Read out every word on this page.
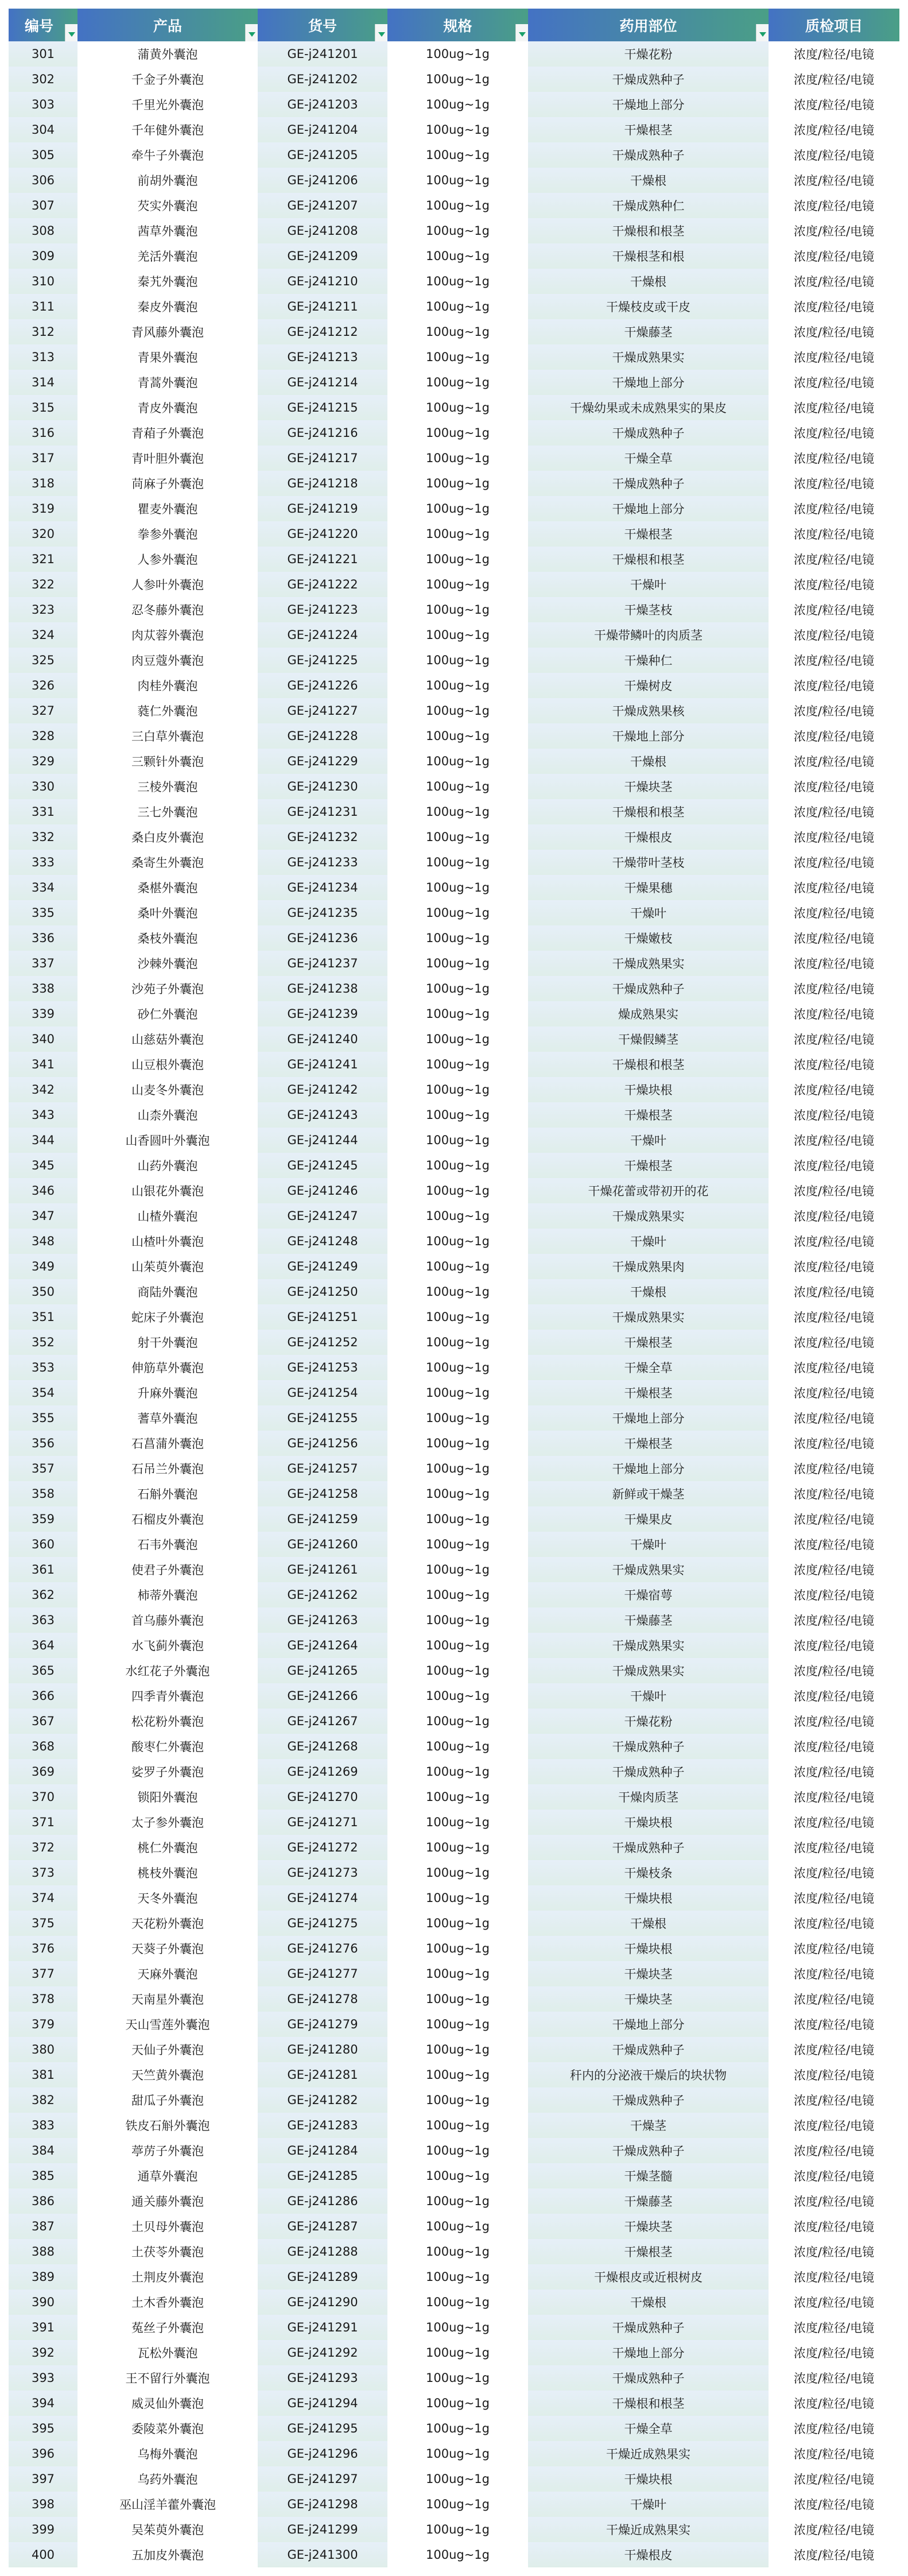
编号	产品	货号	规格	药用部位	质检项目
301	蒲黄外囊泡	GE-j241201	100ug~1g	干燥花粉	浓度/粒径/电镜
302	千金子外囊泡	GE-j241202	100ug~1g	干燥成熟种子	浓度/粒径/电镜
303	千里光外囊泡	GE-j241203	100ug~1g	干燥地上部分	浓度/粒径/电镜
304	千年健外囊泡	GE-j241204	100ug~1g	干燥根茎	浓度/粒径/电镜
305	牵牛子外囊泡	GE-j241205	100ug~1g	干燥成熟种子	浓度/粒径/电镜
306	前胡外囊泡	GE-j241206	100ug~1g	干燥根	浓度/粒径/电镜
307	芡实外囊泡	GE-j241207	100ug~1g	干燥成熟种仁	浓度/粒径/电镜
308	茜草外囊泡	GE-j241208	100ug~1g	干燥根和根茎	浓度/粒径/电镜
309	羌活外囊泡	GE-j241209	100ug~1g	干燥根茎和根	浓度/粒径/电镜
310	秦艽外囊泡	GE-j241210	100ug~1g	干燥根	浓度/粒径/电镜
311	秦皮外囊泡	GE-j241211	100ug~1g	干燥枝皮或干皮	浓度/粒径/电镜
312	青风藤外囊泡	GE-j241212	100ug~1g	干燥藤茎	浓度/粒径/电镜
313	青果外囊泡	GE-j241213	100ug~1g	干燥成熟果实	浓度/粒径/电镜
314	青蒿外囊泡	GE-j241214	100ug~1g	干燥地上部分	浓度/粒径/电镜
315	青皮外囊泡	GE-j241215	100ug~1g	干燥幼果或未成熟果实的果皮	浓度/粒径/电镜
316	青葙子外囊泡	GE-j241216	100ug~1g	干燥成熟种子	浓度/粒径/电镜
317	青叶胆外囊泡	GE-j241217	100ug~1g	干燥全草	浓度/粒径/电镜
318	苘麻子外囊泡	GE-j241218	100ug~1g	干燥成熟种子	浓度/粒径/电镜
319	瞿麦外囊泡	GE-j241219	100ug~1g	干燥地上部分	浓度/粒径/电镜
320	拳参外囊泡	GE-j241220	100ug~1g	干燥根茎	浓度/粒径/电镜
321	人参外囊泡	GE-j241221	100ug~1g	干燥根和根茎	浓度/粒径/电镜
322	人参叶外囊泡	GE-j241222	100ug~1g	干燥叶	浓度/粒径/电镜
323	忍冬藤外囊泡	GE-j241223	100ug~1g	干燥茎枝	浓度/粒径/电镜
324	肉苁蓉外囊泡	GE-j241224	100ug~1g	干燥带鳞叶的肉质茎	浓度/粒径/电镜
325	肉豆蔻外囊泡	GE-j241225	100ug~1g	干燥种仁	浓度/粒径/电镜
326	肉桂外囊泡	GE-j241226	100ug~1g	干燥树皮	浓度/粒径/电镜
327	蕤仁外囊泡	GE-j241227	100ug~1g	干燥成熟果核	浓度/粒径/电镜
328	三白草外囊泡	GE-j241228	100ug~1g	干燥地上部分	浓度/粒径/电镜
329	三颗针外囊泡	GE-j241229	100ug~1g	干燥根	浓度/粒径/电镜
330	三棱外囊泡	GE-j241230	100ug~1g	干燥块茎	浓度/粒径/电镜
331	三七外囊泡	GE-j241231	100ug~1g	干燥根和根茎	浓度/粒径/电镜
332	桑白皮外囊泡	GE-j241232	100ug~1g	干燥根皮	浓度/粒径/电镜
333	桑寄生外囊泡	GE-j241233	100ug~1g	干燥带叶茎枝	浓度/粒径/电镜
334	桑椹外囊泡	GE-j241234	100ug~1g	干燥果穗	浓度/粒径/电镜
335	桑叶外囊泡	GE-j241235	100ug~1g	干燥叶	浓度/粒径/电镜
336	桑枝外囊泡	GE-j241236	100ug~1g	干燥嫩枝	浓度/粒径/电镜
337	沙棘外囊泡	GE-j241237	100ug~1g	干燥成熟果实	浓度/粒径/电镜
338	沙苑子外囊泡	GE-j241238	100ug~1g	干燥成熟种子	浓度/粒径/电镜
339	砂仁外囊泡	GE-j241239	100ug~1g	燥成熟果实	浓度/粒径/电镜
340	山慈菇外囊泡	GE-j241240	100ug~1g	干燥假鳞茎	浓度/粒径/电镜
341	山豆根外囊泡	GE-j241241	100ug~1g	干燥根和根茎	浓度/粒径/电镜
342	山麦冬外囊泡	GE-j241242	100ug~1g	干燥块根	浓度/粒径/电镜
343	山柰外囊泡	GE-j241243	100ug~1g	干燥根茎	浓度/粒径/电镜
344	山香圆叶外囊泡	GE-j241244	100ug~1g	干燥叶	浓度/粒径/电镜
345	山药外囊泡	GE-j241245	100ug~1g	干燥根茎	浓度/粒径/电镜
346	山银花外囊泡	GE-j241246	100ug~1g	干燥花蕾或带初开的花	浓度/粒径/电镜
347	山楂外囊泡	GE-j241247	100ug~1g	干燥成熟果实	浓度/粒径/电镜
348	山楂叶外囊泡	GE-j241248	100ug~1g	干燥叶	浓度/粒径/电镜
349	山茱萸外囊泡	GE-j241249	100ug~1g	干燥成熟果肉	浓度/粒径/电镜
350	商陆外囊泡	GE-j241250	100ug~1g	干燥根	浓度/粒径/电镜
351	蛇床子外囊泡	GE-j241251	100ug~1g	干燥成熟果实	浓度/粒径/电镜
352	射干外囊泡	GE-j241252	100ug~1g	干燥根茎	浓度/粒径/电镜
353	伸筋草外囊泡	GE-j241253	100ug~1g	干燥全草	浓度/粒径/电镜
354	升麻外囊泡	GE-j241254	100ug~1g	干燥根茎	浓度/粒径/电镜
355	蓍草外囊泡	GE-j241255	100ug~1g	干燥地上部分	浓度/粒径/电镜
356	石菖蒲外囊泡	GE-j241256	100ug~1g	干燥根茎	浓度/粒径/电镜
357	石吊兰外囊泡	GE-j241257	100ug~1g	干燥地上部分	浓度/粒径/电镜
358	石斛外囊泡	GE-j241258	100ug~1g	新鲜或干燥茎	浓度/粒径/电镜
359	石榴皮外囊泡	GE-j241259	100ug~1g	干燥果皮	浓度/粒径/电镜
360	石韦外囊泡	GE-j241260	100ug~1g	干燥叶	浓度/粒径/电镜
361	使君子外囊泡	GE-j241261	100ug~1g	干燥成熟果实	浓度/粒径/电镜
362	柿蒂外囊泡	GE-j241262	100ug~1g	干燥宿萼	浓度/粒径/电镜
363	首乌藤外囊泡	GE-j241263	100ug~1g	干燥藤茎	浓度/粒径/电镜
364	水飞蓟外囊泡	GE-j241264	100ug~1g	干燥成熟果实	浓度/粒径/电镜
365	水红花子外囊泡	GE-j241265	100ug~1g	干燥成熟果实	浓度/粒径/电镜
366	四季青外囊泡	GE-j241266	100ug~1g	干燥叶	浓度/粒径/电镜
367	松花粉外囊泡	GE-j241267	100ug~1g	干燥花粉	浓度/粒径/电镜
368	酸枣仁外囊泡	GE-j241268	100ug~1g	干燥成熟种子	浓度/粒径/电镜
369	娑罗子外囊泡	GE-j241269	100ug~1g	干燥成熟种子	浓度/粒径/电镜
370	锁阳外囊泡	GE-j241270	100ug~1g	干燥肉质茎	浓度/粒径/电镜
371	太子参外囊泡	GE-j241271	100ug~1g	干燥块根	浓度/粒径/电镜
372	桃仁外囊泡	GE-j241272	100ug~1g	干燥成熟种子	浓度/粒径/电镜
373	桃枝外囊泡	GE-j241273	100ug~1g	干燥枝条	浓度/粒径/电镜
374	天冬外囊泡	GE-j241274	100ug~1g	干燥块根	浓度/粒径/电镜
375	天花粉外囊泡	GE-j241275	100ug~1g	干燥根	浓度/粒径/电镜
376	天葵子外囊泡	GE-j241276	100ug~1g	干燥块根	浓度/粒径/电镜
377	天麻外囊泡	GE-j241277	100ug~1g	干燥块茎	浓度/粒径/电镜
378	天南星外囊泡	GE-j241278	100ug~1g	干燥块茎	浓度/粒径/电镜
379	天山雪莲外囊泡	GE-j241279	100ug~1g	干燥地上部分	浓度/粒径/电镜
380	天仙子外囊泡	GE-j241280	100ug~1g	干燥成熟种子	浓度/粒径/电镜
381	天竺黄外囊泡	GE-j241281	100ug~1g	秆内的分泌液干燥后的块状物	浓度/粒径/电镜
382	甜瓜子外囊泡	GE-j241282	100ug~1g	干燥成熟种子	浓度/粒径/电镜
383	铁皮石斛外囊泡	GE-j241283	100ug~1g	干燥茎	浓度/粒径/电镜
384	葶苈子外囊泡	GE-j241284	100ug~1g	干燥成熟种子	浓度/粒径/电镜
385	通草外囊泡	GE-j241285	100ug~1g	干燥茎髓	浓度/粒径/电镜
386	通关藤外囊泡	GE-j241286	100ug~1g	干燥藤茎	浓度/粒径/电镜
387	土贝母外囊泡	GE-j241287	100ug~1g	干燥块茎	浓度/粒径/电镜
388	土茯苓外囊泡	GE-j241288	100ug~1g	干燥根茎	浓度/粒径/电镜
389	土荆皮外囊泡	GE-j241289	100ug~1g	干燥根皮或近根树皮	浓度/粒径/电镜
390	土木香外囊泡	GE-j241290	100ug~1g	干燥根	浓度/粒径/电镜
391	菟丝子外囊泡	GE-j241291	100ug~1g	干燥成熟种子	浓度/粒径/电镜
392	瓦松外囊泡	GE-j241292	100ug~1g	干燥地上部分	浓度/粒径/电镜
393	王不留行外囊泡	GE-j241293	100ug~1g	干燥成熟种子	浓度/粒径/电镜
394	威灵仙外囊泡	GE-j241294	100ug~1g	干燥根和根茎	浓度/粒径/电镜
395	委陵菜外囊泡	GE-j241295	100ug~1g	干燥全草	浓度/粒径/电镜
396	乌梅外囊泡	GE-j241296	100ug~1g	干燥近成熟果实	浓度/粒径/电镜
397	乌药外囊泡	GE-j241297	100ug~1g	干燥块根	浓度/粒径/电镜
398	巫山淫羊藿外囊泡	GE-j241298	100ug~1g	干燥叶	浓度/粒径/电镜
399	吴茱萸外囊泡	GE-j241299	100ug~1g	干燥近成熟果实	浓度/粒径/电镜
400	五加皮外囊泡	GE-j241300	100ug~1g	干燥根皮	浓度/粒径/电镜
